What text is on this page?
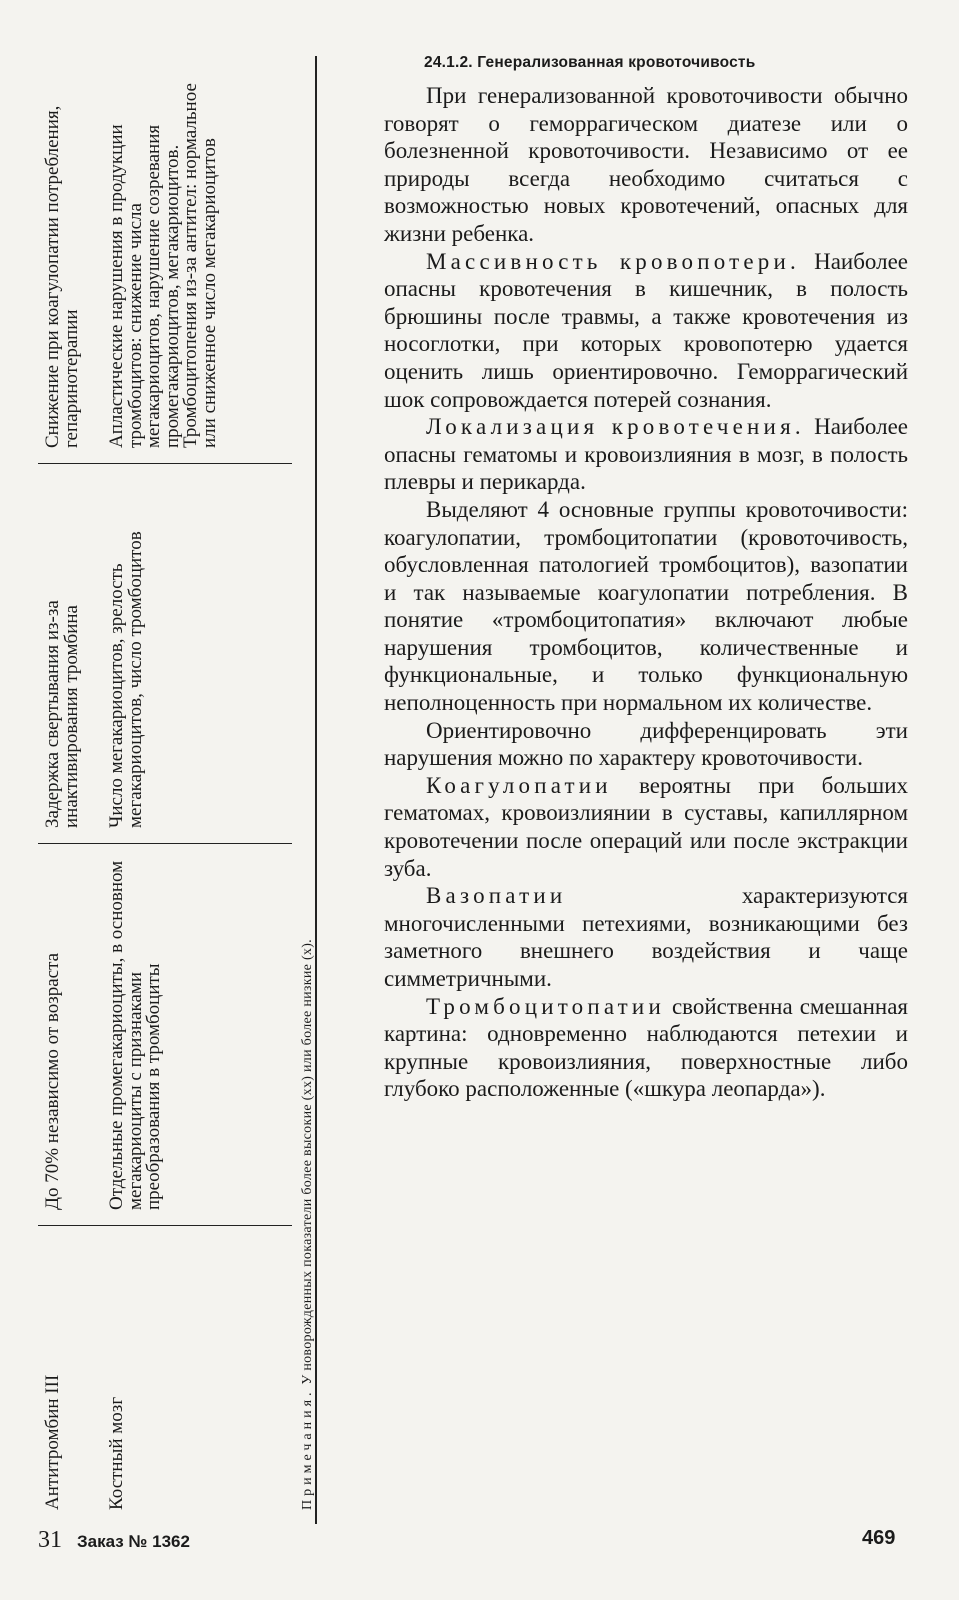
Антитромбин III
До 70% независимо от возраста
Задержка свертывания из-за инактивирования тромбина
Снижение при коагулопатии потребления, гепаринотерапии
Костный мозг
Отдельные промегакариоциты, в основном мегакариоциты с признаками преобразования в тромбоциты
Число мегакариоцитов, зрелость мегакариоцитов, число тромбоцитов
Апластические нарушения в продукции тромбоцитов: снижение числа мегакариоцитов, нарушение созревания промегакариоцитов, мегакариоцитов. Тромбоцитопения из-за антител: нормальное или сниженное число мегакариоцитов
Примечания. У новорожденных показатели более высокие (хх) или более низкие (х).
24.1.2. Генерализованная кровоточивость

При генерализованной кровоточивости обычно говорят о геморрагическом диатезе или о болезненной кровоточивости. Независимо от ее природы всегда необходимо считаться с возможностью новых кровотечений, опасных для жизни ребенка.

Массивность кровопотери. Наиболее опасны кровотечения в кишечник, в полость брюшины после травмы, а также кровотечения из носоглотки, при которых кровопотерю удается оценить лишь ориентировочно. Геморрагический шок сопровождается потерей сознания.

Локализация кровотечения. Наиболее опасны гематомы и кровоизлияния в мозг, в полость плевры и перикарда.

Выделяют 4 основные группы кровоточивости: коагулопатии, тромбоцитопатии (кровоточивость, обусловленная патологией тромбоцитов), вазопатии и так называемые коагулопатии потребления. В понятие «тромбоцитопатия» включают любые нарушения тромбоцитов, количественные и функциональные, и только функциональную неполноценность при нормальном их количестве.

Ориентировочно дифференцировать эти нарушения можно по характеру кровоточивости.

Коагулопатии вероятны при больших гематомах, кровоизлиянии в суставы, капиллярном кровотечении после операций или после экстракции зуба.

Вазопатии	характеризуются многочисленными петехиями, возникающими без заметного внешнего воздействия и чаще симметричными.

Тромбоцитопатии свойственна смешанная картина: одновременно наблюдаются петехии и крупные кровоизлияния, поверхностные либо глубоко расположенные («шкура леопарда»).

31 Заказ № 1362	469
